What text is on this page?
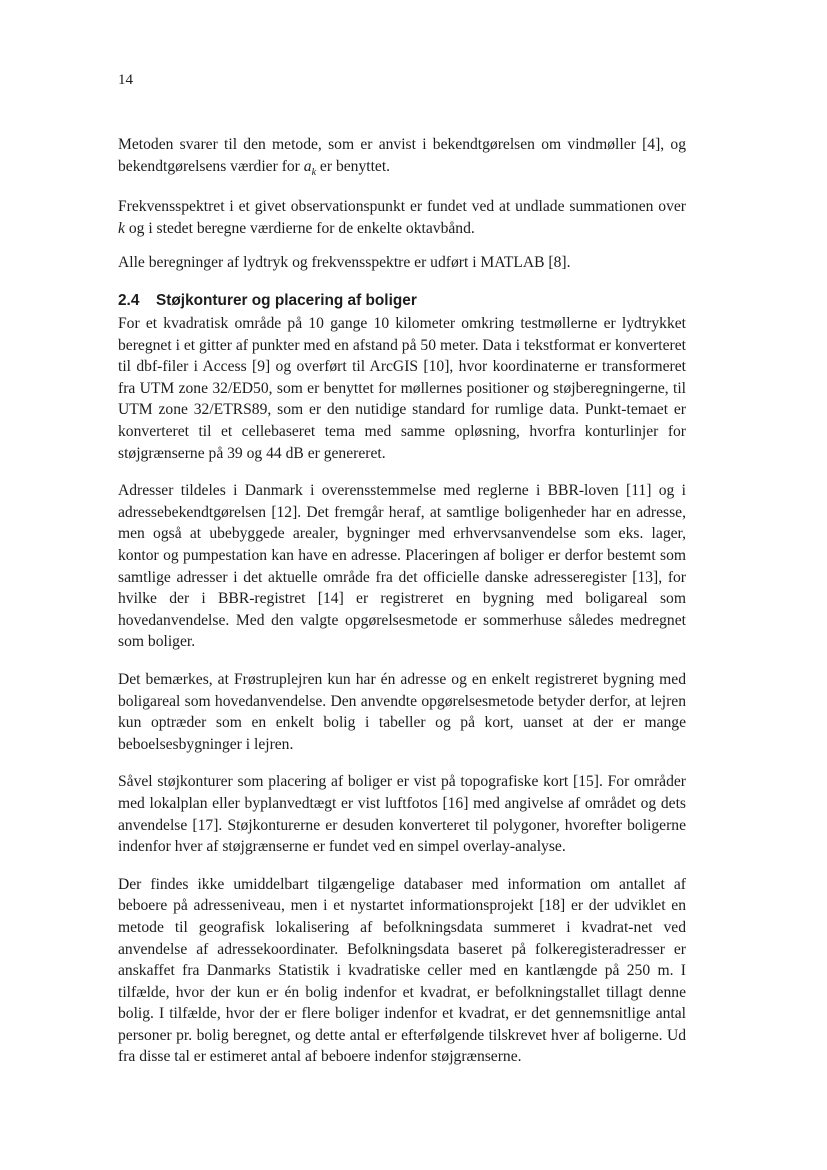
14

Metoden svarer til den metode, som er anvist i bekendtgørelsen om vindmøller [4], og bekendtgørelsens værdier for $a_k$ er benyttet.

Frekvensspektret i et givet observationspunkt er fundet ved at undlade summationen over k og i stedet beregne værdierne for de enkelte oktavbånd.

Alle beregninger af lydtryk og frekvensspektre er udført i MATLAB [8].

2.4	Støjkonturer og placering af boliger

For et kvadratisk område på 10 gange 10 kilometer omkring testmøllerne er lydtrykket beregnet i et gitter af punkter med en afstand på 50 meter. Data i tekstformat er konverteret til dbf-filer i Access [9] og overført til ArcGIS [10], hvor koordinaterne er transformeret fra UTM zone 32/ED50, som er benyttet for møllernes positioner og støjberegningerne, til UTM zone 32/ETRS89, som er den nutidige standard for rumlige data. Punkt-temaet er konverteret til et cellebaseret tema med samme opløsning, hvorfra konturlinjer for støjgrænserne på 39 og 44 dB er genereret.

Adresser tildeles i Danmark i overensstemmelse med reglerne i BBR-loven [11] og i adressebekendtgørelsen [12]. Det fremgår heraf, at samtlige boligenheder har en adresse, men også at ubebyggede arealer, bygninger med erhvervsanvendelse som eks. lager, kontor og pumpestation kan have en adresse. Placeringen af boliger er derfor bestemt som samtlige adresser i det aktuelle område fra det officielle danske adresseregister [13], for hvilke der i BBR-registret [14] er registreret en bygning med boligareal som hovedanvendelse. Med den valgte opgørelsesmetode er sommerhuse således medregnet som boliger.

Det bemærkes, at Frøstruplejren kun har én adresse og en enkelt registreret bygning med boligareal som hovedanvendelse. Den anvendte opgørelsesmetode betyder derfor, at lejren kun optræder som en enkelt bolig i tabeller og på kort, uanset at der er mange beboelsesbygninger i lejren.

Såvel støjkonturer som placering af boliger er vist på topografiske kort [15]. For områder med lokalplan eller byplanvedtægt er vist luftfotos [16] med angivelse af området og dets anvendelse [17]. Støjkonturerne er desuden konverteret til polygoner, hvorefter boligerne indenfor hver af støjgrænserne er fundet ved en simpel overlay-analyse.

Der findes ikke umiddelbart tilgængelige databaser med information om antallet af beboere på adresseniveau, men i et nystartet informationsprojekt [18] er der udviklet en metode til geografisk lokalisering af befolkningsdata summeret i kvadrat-net ved anvendelse af adressekoordinater. Befolkningsdata baseret på folkeregisteradresser er anskaffet fra Danmarks Statistik i kvadratiske celler med en kantlængde på 250 m. I tilfælde, hvor der kun er én bolig indenfor et kvadrat, er befolkningstallet tillagt denne bolig. I tilfælde, hvor der er flere boliger indenfor et kvadrat, er det gennemsnitlige antal personer pr. bolig beregnet, og dette antal er efterfølgende tilskrevet hver af boligerne. Ud fra disse tal er estimeret antal af beboere indenfor støjgrænserne.
